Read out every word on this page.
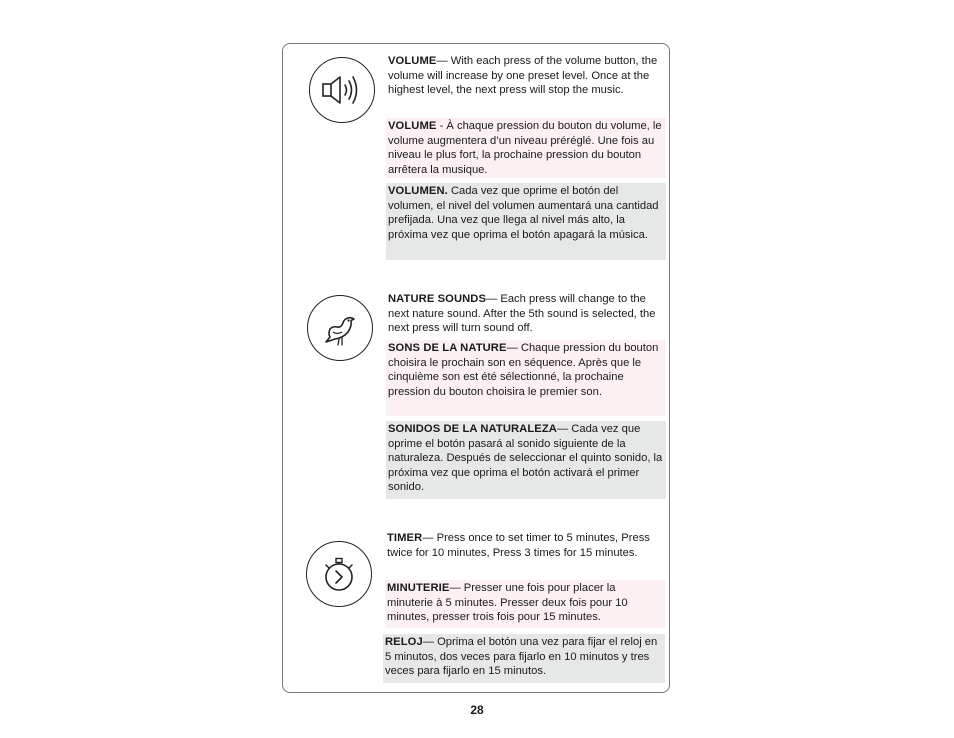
VOLUME— With each press of the volume button, the volume will increase by one preset level. Once at the highest level, the next press will stop the music.
VOLUME - À chaque pression du bouton du volume, le volume augmentera d’un niveau préréglé. Une fois au niveau le plus fort, la prochaine pression du bouton arrêtera la musique.
VOLUMEN. Cada vez que oprime el botón del volumen, el nivel del volumen aumentará una cantidad prefijada. Una vez que llega al nivel más alto, la próxima vez que oprima el botón apagará la música.
NATURE SOUNDS— Each press will change to the next nature sound. After the 5th sound is selected, the next press will turn sound off.
SONS DE LA NATURE— Chaque pression du bouton choisira le prochain son en séquence. Après que le cinquième son est été sélectionné, la prochaine pression du bouton choisira le premier son.
SONIDOS DE LA NATURALEZA— Cada vez que oprime el botón pasará al sonido siguiente de la naturaleza. Después de seleccionar el quinto sonido, la próxima vez que oprima el botón activará el primer sonido.
TIMER— Press once to set timer to 5 minutes, Press twice for 10 minutes, Press 3 times for 15 minutes.
MINUTERIE— Presser une fois pour placer la minuterie à 5 minutes. Presser deux fois pour 10 minutes, presser trois fois pour 15 minutes.
RELOJ— Oprima el botón una vez para fijar el reloj en 5 minutos, dos veces para fijarlo en 10 minutos y tres veces para fijarlo en 15 minutos.
28
